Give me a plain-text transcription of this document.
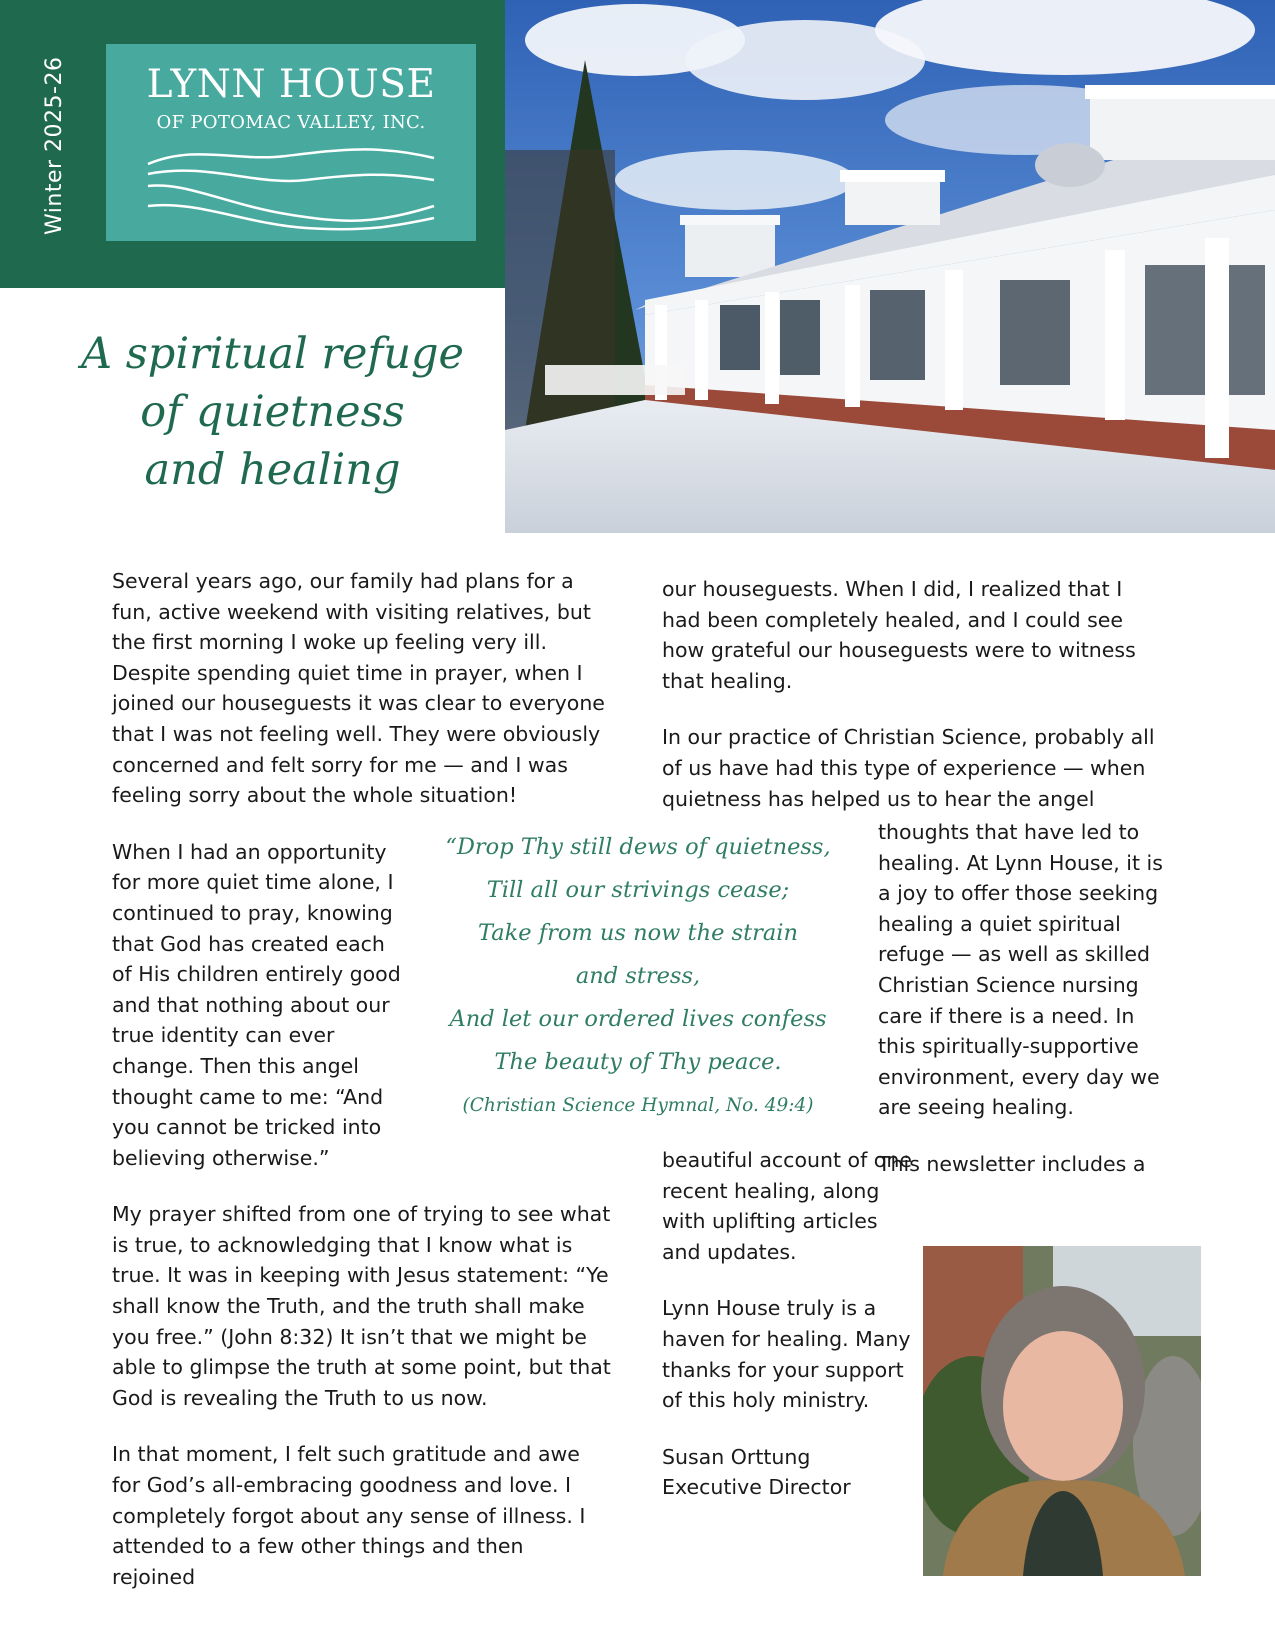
Winter 2025-26	LYNN HOUSE
OF POTOMAC VALLEY, INC.
A spiritual refuge
of quietness
and healing

Several years ago, our family had plans for a fun, active weekend with visiting relatives, but the first morning I woke up feeling very ill. Despite spending quiet time in prayer, when I joined our houseguests it was clear to everyone that I was not feeling well. They were obviously concerned and felt sorry for me — and I was feeling sorry about the whole situation!

When I had an opportunity for more quiet time alone, I continued to pray, knowing that God has created each of His children entirely good and that nothing about our true identity can ever change. Then this angel thought came to me: “And you cannot be tricked into believing otherwise.”

My prayer shifted from one of trying to see what is true, to acknowledging that I know what is true. It was in keeping with Jesus statement: “Ye shall know the Truth, and the truth shall make you free.” (John 8:32) It isn’t that we might be able to glimpse the truth at some point, but that God is revealing the Truth to us now.

In that moment, I felt such gratitude and awe for God’s all-embracing goodness and love. I completely forgot about any sense of illness. I attended to a few other things and then rejoined

our houseguests. When I did, I realized that I had been completely healed, and I could see how grateful our houseguests were to witness that healing.

In our practice of Christian Science, probably all of us have had this type of experience — when quietness has helped us to hear the angel

thoughts that have led to healing. At Lynn House, it is a joy to offer those seeking healing a quiet spiritual refuge — as well as skilled Christian Science nursing care if there is a need. In this spiritually-supportive environment, every day we are seeing healing.

This newsletter includes a

beautiful account of one recent healing, along with uplifting articles and updates.

Lynn House truly is a haven for healing. Many thanks for your support of this holy ministry.

Susan Orttung

Executive Director

“Drop Thy still dews of quietness,
Till all our strivings cease;
Take from us now the strain
and stress,
And let our ordered lives confess
The beauty of Thy peace.
(Christian Science Hymnal, No. 49:4)
